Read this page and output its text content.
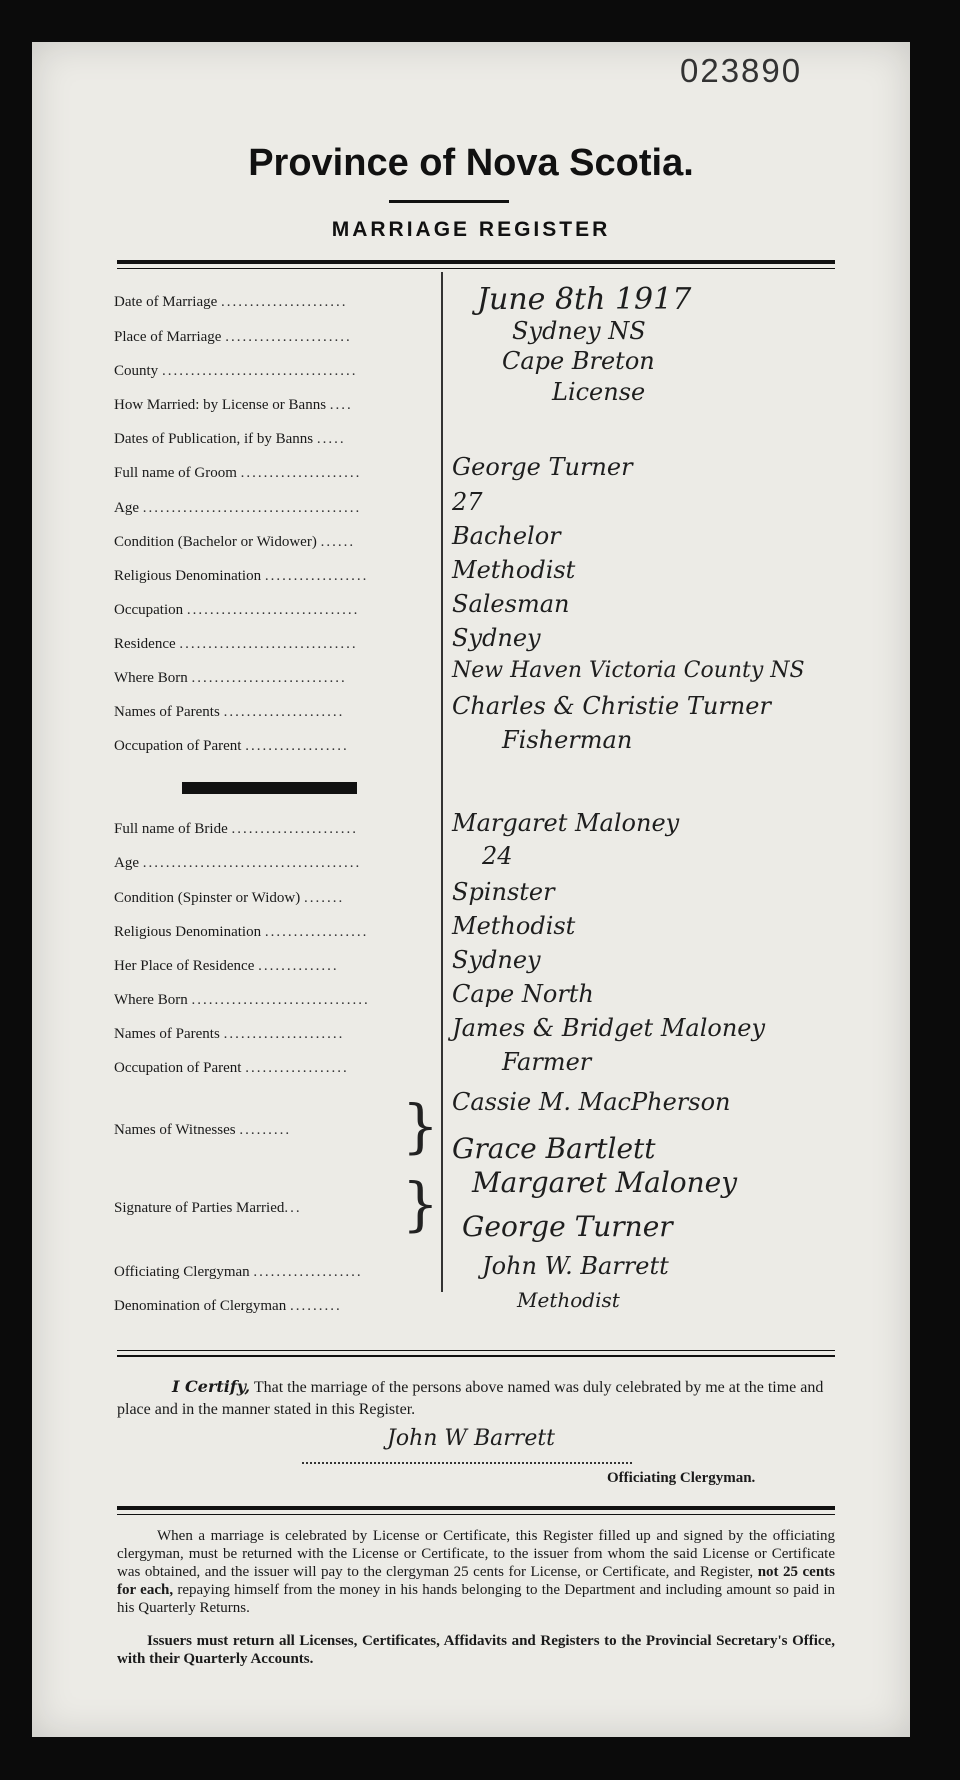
023890
Province of Nova Scotia.
MARRIAGE REGISTER
Date of Marriage ......................	June 8th 1917
Place of Marriage ......................	Sydney NS
County ..................................	Cape Breton
How Married: by License or Banns ....	License
Dates of Publication, if by Banns .....
Full name of Groom .....................	George Turner
Age ......................................	27
Condition (Bachelor or Widower) ......	Bachelor
Religious Denomination ..................	Methodist
Occupation ..............................	Salesman
Residence ...............................	Sydney
Where Born ...........................	New Haven Victoria County NS
Names of Parents .....................	Charles & Christie Turner
Occupation of Parent ..................	Fisherman
Full name of Bride ......................	Margaret Maloney
Age ......................................	24
Condition (Spinster or Widow) .......	Spinster
Religious Denomination ..................	Methodist
Her Place of Residence ..............	Sydney
Where Born ...............................	Cape North
Names of Parents .....................	James & Bridget Maloney
Occupation of Parent ..................	Farmer
Names of Witnesses .........	} Cassie M. MacPherson
Grace Bartlett
Signature of Parties Married...	} Margaret Maloney
George Turner
Officiating Clergyman ...................	John W. Barrett
Denomination of Clergyman .........	Methodist
I Certify, That the marriage of the persons above named was duly celebrated by me at the time and place and in the manner stated in this Register.
John W Barrett
Officiating Clergyman.
When a marriage is celebrated by License or Certificate, this Register filled up and signed by the officiating clergyman, must be returned with the License or Certificate, to the issuer from whom the said License or Certificate was obtained, and the issuer will pay to the clergyman 25 cents for License, or Certificate, and Register, not 25 cents for each, repaying himself from the money in his hands belonging to the Department and including amount so paid in his Quarterly Returns.
Issuers must return all Licenses, Certificates, Affidavits and Registers to the Provincial Secretary's Office, with their Quarterly Accounts.
